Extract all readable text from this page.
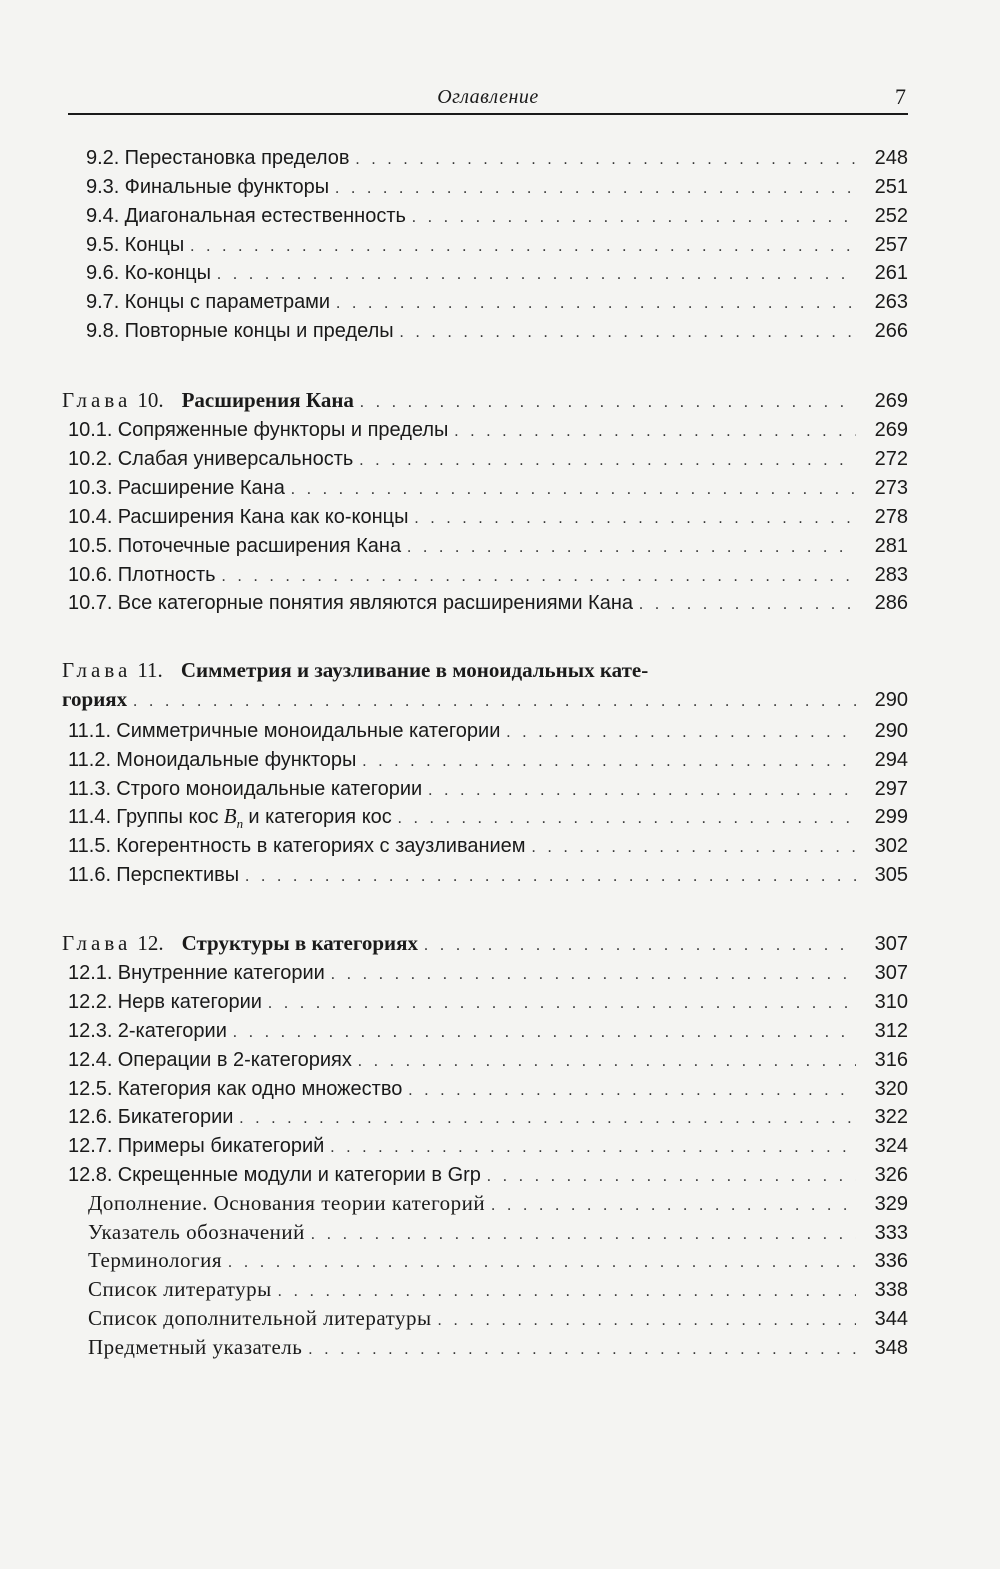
Оглавление	7
9.2. Перестановка пределов . . .	248
9.3. Финальные функторы . . .	251
9.4. Диагональная естественность . . .	252
9.5. Концы . . .	257
9.6. Ко-концы . . .	261
9.7. Концы с параметрами . . .	263
9.8. Повторные концы и пределы . . .	266
Глава 10. Расширения Кана . . .	269
10.1. Сопряженные функторы и пределы . . .	269
10.2. Слабая универсальность . . .	272
10.3. Расширение Кана . . .	273
10.4. Расширения Кана как ко-концы . . .	278
10.5. Поточечные расширения Кана . . .	281
10.6. Плотность . . .	283
10.7. Все категорные понятия являются расширениями Кана . . .	286
Глава 11. Симметрия и заузливание в моноидальных кате-
гориях . . .	290
11.1. Симметричные моноидальные категории . . .	290
11.2. Моноидальные функторы . . .	294
11.3. Строго моноидальные категории . . .	297
11.4. Группы кос $B_n$ и категория кос . . .	299
11.5. Когерентность в категориях с заузливанием . . .	302
11.6. Перспективы . . .	305
Глава 12. Структуры в категориях . . .	307
12.1. Внутренние категории . . .	307
12.2. Нерв категории . . .	310
12.3. 2-категории . . .	312
12.4. Операции в 2-категориях . . .	316
12.5. Категория как одно множество . . .	320
12.6. Бикатегории . . .	322
12.7. Примеры бикатегорий . . .	324
12.8. Скрещенные модули и категории в Grp . . .	326
Дополнение. Основания теории категорий . . .	329
Указатель обозначений . . .	333
Терминология . . .	336
Список литературы . . .	338
Список дополнительной литературы . . .	344
Предметный указатель . . .	348
